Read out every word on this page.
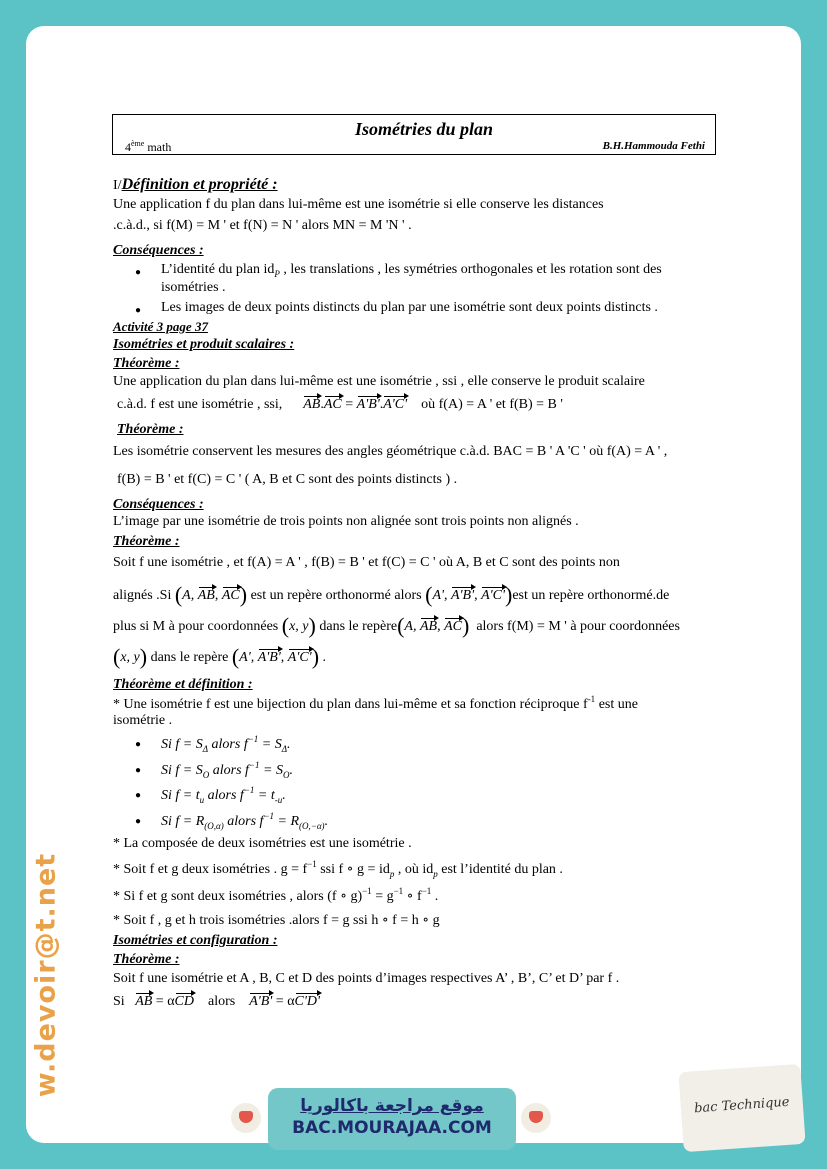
w.devoir@t.net
Isométries du plan
4ème math	B.H.Hammouda Fethi
I/Définition et propriété :
Une application f du plan dans lui-même est une isométrie si elle conserve les distances
.c.à.d., si f(M) = M ' et f(N) = N ' alors MN = M 'N ' .
Conséquences :
● L’identité du plan $id_P$ , les translations , les symétries orthogonales et les rotation sont des
isométries .
● Les images de deux points distincts du plan par une isométrie sont deux points distincts .
Activité 3 page 37
Isométries et produit scalaires :
Théorème :
Une application du plan dans lui-même est une isométrie , ssi , elle conserve le produit scalaire
c.à.d. f est une isométrie , ssi, AB.AC = A'B'.A'C' où f(A) = A ' et f(B) = B '
Théorème :
Les isométrie conservent les mesures des angles géométrique c.à.d. BAC = B ' A 'C ' où f(A) = A ' ,
f(B) = B ' et f(C) = C ' ( A, B et C sont des points distincts ) .
Conséquences :
L’image par une isométrie de trois points non alignée sont trois points non alignés .
Théorème :
Soit f une isométrie , et f(A) = A ' , f(B) = B ' et f(C) = C ' où A, B et C sont des points non
alignés .Si (A, AB, AC) est un repère orthonormé alors (A', A'B', A'C')est un repère orthonormé.de
plus si M à pour coordonnées (x, y) dans le repère(A, AB, AC) alors f(M) = M ' à pour coordonnées
(x, y) dans le repère (A', A'B', A'C') .
Théorème et définition :
* Une isométrie f est une bijection du plan dans lui-même et sa fonction réciproque $f^{-1}$ est une
isométrie .
● Si $f = S_\Delta$ alors $f^{-1} = S_\Delta$.
● Si $f = S_O$ alors $f^{-1} = S_O$.
● Si $f = t_u$ alors $f^{-1} = t_{-u}$.
● Si $f = R_{(O,\alpha)}$ alors $f^{-1} = R_{(O,-\alpha)}$.
* La composée de deux isométries est une isométrie .
* Soit f et g deux isométries . $g = f^{-1}$ ssi f ∘ $g = id_p$ , où $id_p$ est l’identité du plan .
* Si f et g sont deux isométries , alors (f ∘ $g)^{-1} = g^{-1}$ ∘ $f^{-1}$ .
* Soit f , g et h trois isométries .alors f = g ssi h ∘ f = h ∘ g
Isométries et configuration :
Théorème :
Soit f une isométrie et A , B, C et D des points d’images respectives A’ , B’, C’ et D’ par f .
Si AB = αCD alors A'B' = αC'D'
موقع مراجعة باكالوريا
BAC.MOURAJAA.COM
bac Technique
